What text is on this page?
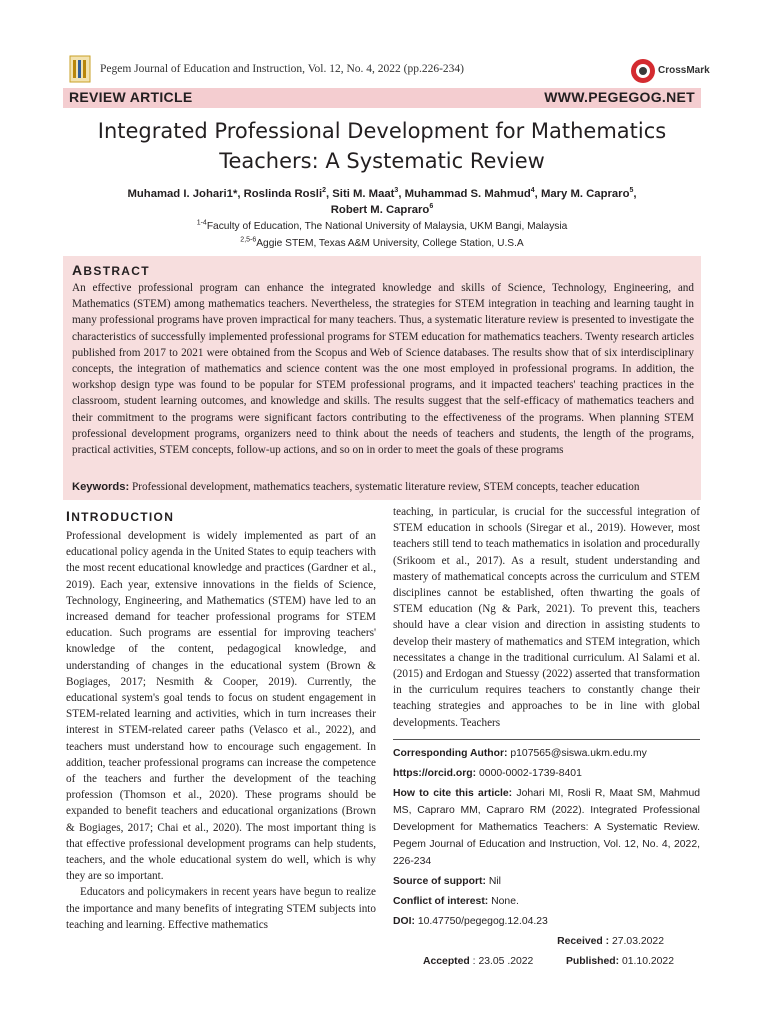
Pegem Journal of Education and Instruction, Vol. 12, No. 4, 2022 (pp.226-234)	CrossMark
REVIEW ARTICLE	WWW.PEGEGOG.NET
Integrated Professional Development for Mathematics
Teachers: A Systematic Review
Muhamad I. Johari1*, Roslinda Rosli$^2$, Siti M. Maat$^3$, Muhammad S. Mahmud$^4$, Mary M. Capraro$^5$,
Robert M. Capraro$^6$
$^{1-4}$Faculty of Education, The National University of Malaysia, UKM Bangi, Malaysia
$^{2,5-6}$Aggie STEM, Texas A&M University, College Station, U.S.A
ABSTRACT
An effective professional program can enhance the integrated knowledge and skills of Science, Technology, Engineering, and Mathematics (STEM) among mathematics teachers. Nevertheless, the strategies for STEM integration in teaching and learning taught in many professional programs have proven impractical for many teachers. Thus, a systematic literature review is presented to investigate the characteristics of successfully implemented professional programs for STEM education for mathematics teachers. Twenty research articles published from 2017 to 2021 were obtained from the Scopus and Web of Science databases. The results show that of six interdisciplinary concepts, the integration of mathematics and science content was the one most employed in professional programs. In addition, the workshop design type was found to be popular for STEM professional programs, and it impacted teachers' teaching practices in the classroom, student learning outcomes, and knowledge and skills. The results suggest that the self-efficacy of mathematics teachers and their commitment to the programs were significant factors contributing to the effectiveness of the programs. When planning STEM professional development programs, organizers need to think about the needs of teachers and students, the length of the programs, practical activities, STEM concepts, follow-up actions, and so on in order to meet the goals of these programs
Keywords: Professional development, mathematics teachers, systematic literature review, STEM concepts, teacher education
INTRODUCTION

Professional development is widely implemented as part of an educational policy agenda in the United States to equip teachers with the most recent educational knowledge and practices (Gardner et al., 2019). Each year, extensive innovations in the fields of Science, Technology, Engineering, and Mathematics (STEM) have led to an increased demand for teacher professional programs for STEM education. Such programs are essential for improving teachers' knowledge of the content, pedagogical knowledge, and understanding of changes in the educational system (Brown & Bogiages, 2017; Nesmith & Cooper, 2019). Currently, the educational system's goal tends to focus on student engagement in STEM-related learning and activities, which in turn increases their interest in STEM-related career paths (Velasco et al., 2022), and teachers must understand how to encourage such engagement. In addition, teacher professional programs can increase the competence of the teachers and further the development of the teaching profession (Thomson et al., 2020). These programs should be expanded to benefit teachers and educational organizations (Brown & Bogiages, 2017; Chai et al., 2020). The most important thing is that effective professional development programs can help students, teachers, and the whole educational system do well, which is why they are so important.

Educators and policymakers in recent years have begun to realize the importance and many benefits of integrating STEM subjects into teaching and learning. Effective mathematics

teaching, in particular, is crucial for the successful integration of STEM education in schools (Siregar et al., 2019). However, most teachers still tend to teach mathematics in isolation and procedurally (Srikoom et al., 2017). As a result, student understanding and mastery of mathematical concepts across the curriculum and STEM disciplines cannot be established, often thwarting the goals of STEM education (Ng & Park, 2021). To prevent this, teachers should have a clear vision and direction in assisting students to develop their mastery of mathematics and STEM integration, which necessitates a change in the traditional curriculum. Al Salami et al. (2015) and Erdogan and Stuessy (2022) asserted that transformation in the curriculum requires teachers to constantly change their teaching strategies and approaches to be in line with global developments. Teachers

Corresponding Author: p107565@siswa.ukm.edu.my

https://orcid.org: 0000-0002-1739-8401

How to cite this article: Johari MI, Rosli R, Maat SM, Mahmud MS, Capraro MM, Capraro RM (2022). Integrated Professional Development for Mathematics Teachers: A Systematic Review. Pegem Journal of Education and Instruction, Vol. 12, No. 4, 2022, 226-234

Source of support: Nil

Conflict of interest: None.

DOI: 10.47750/pegegog.12.04.23

Received : 27.03.2022

Accepted : 23.05 .2022	Published: 01.10.2022
